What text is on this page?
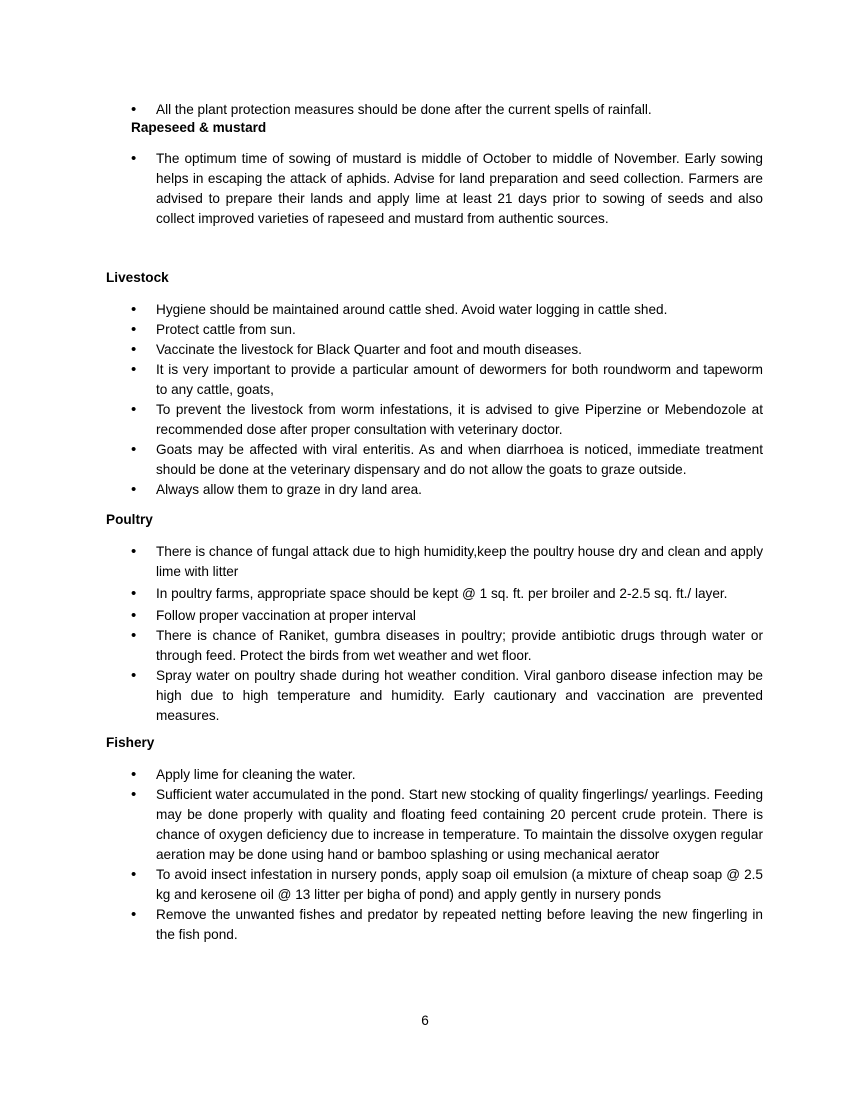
• All the plant protection measures should be done after the current spells of rainfall.
Rapeseed & mustard
• The optimum time of sowing of mustard is middle of October to middle of November. Early sowing helps in escaping the attack of aphids. Advise for land preparation and seed collection. Farmers are advised to prepare their lands and apply lime at least 21 days prior to sowing of seeds and also collect improved varieties of rapeseed and mustard from authentic sources.
Livestock
• Hygiene should be maintained around cattle shed. Avoid water logging in cattle shed.
• Protect cattle from sun.
• Vaccinate the livestock for Black Quarter and foot and mouth diseases.
• It is very important to provide a particular amount of dewormers for both roundworm and tapeworm to any cattle, goats,
• To prevent the livestock from worm infestations, it is advised to give Piperzine or Mebendozole at recommended dose after proper consultation with veterinary doctor.
• Goats may be affected with viral enteritis. As and when diarrhoea is noticed, immediate treatment should be done at the veterinary dispensary and do not allow the goats to graze outside.
• Always allow them to graze in dry land area.
Poultry
• There is chance of fungal attack due to high humidity,keep the poultry house dry and clean and apply lime with litter
• In poultry farms, appropriate space should be kept @ 1 sq. ft. per broiler and 2-2.5 sq. ft./ layer.
• Follow proper vaccination at proper interval
• There is chance of Raniket, gumbra diseases in poultry; provide antibiotic drugs through water or through feed. Protect the birds from wet weather and wet floor.
• Spray water on poultry shade during hot weather condition. Viral ganboro disease infection may be high due to high temperature and humidity. Early cautionary and vaccination are prevented measures.
Fishery
• Apply lime for cleaning the water.
• Sufficient water accumulated in the pond. Start new stocking of quality fingerlings/ yearlings. Feeding may be done properly with quality and floating feed containing 20 percent crude protein. There is chance of oxygen deficiency due to increase in temperature. To maintain the dissolve oxygen regular aeration may be done using hand or bamboo splashing or using mechanical aerator
• To avoid insect infestation in nursery ponds, apply soap oil emulsion (a mixture of cheap soap @ 2.5 kg and kerosene oil @ 13 litter per bigha of pond) and apply gently in nursery ponds
• Remove the unwanted fishes and predator by repeated netting before leaving the new fingerling in the fish pond.
6
